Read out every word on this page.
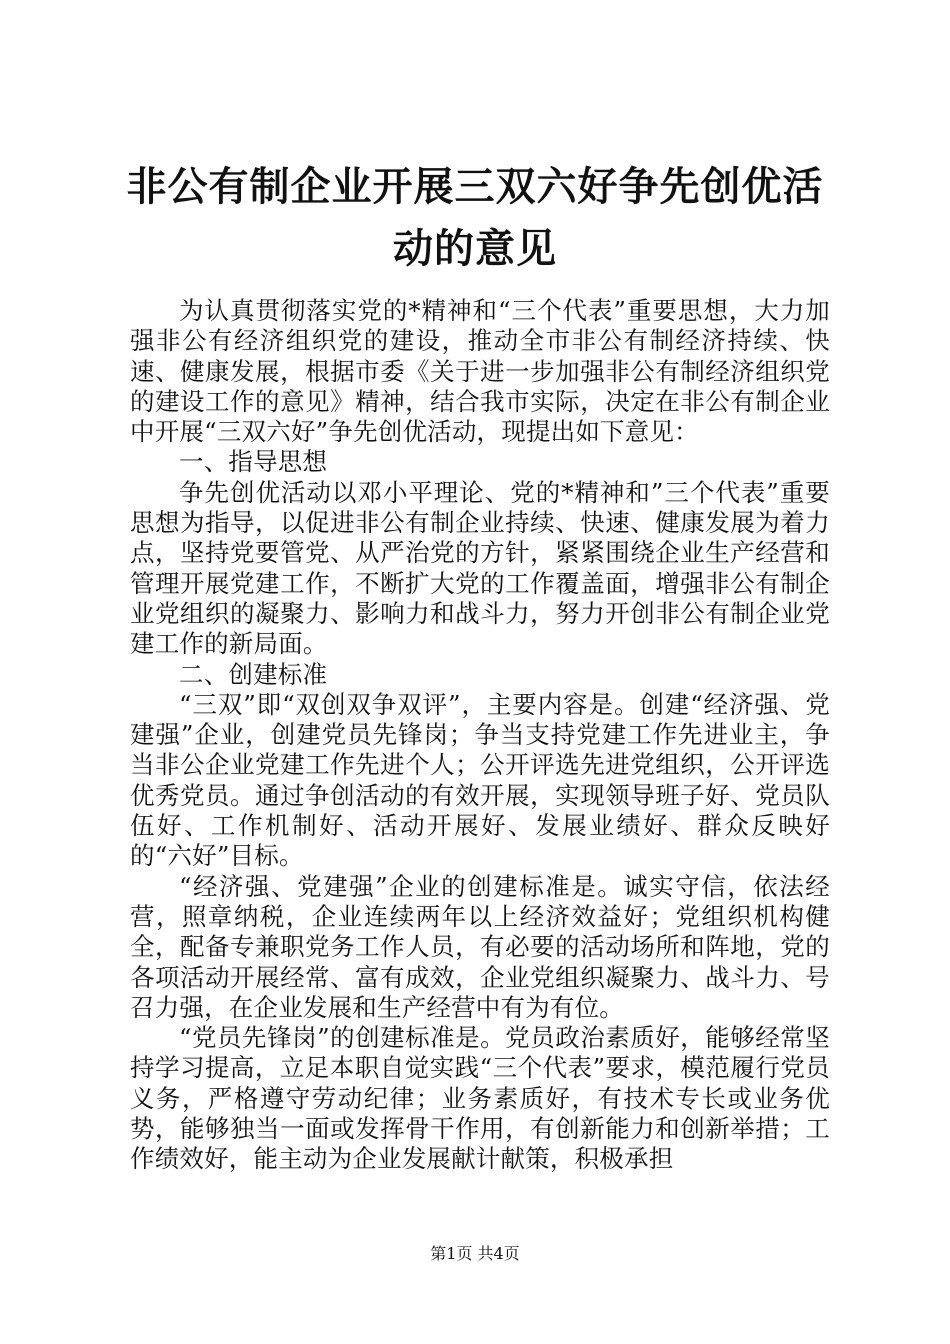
非公有制企业开展三双六好争先创优活动的意见

为认真贯彻落实党的*精神和“三个代表”重要思想，大力加强非公有经济组织党的建设，推动全市非公有制经济持续、快速、健康发展，根据市委《关于进一步加强非公有制经济组织党的建设工作的意见》精神，结合我市实际，决定在非公有制企业中开展“三双六好”争先创优活动，现提出如下意见：

一、指导思想

争先创优活动以邓小平理论、党的*精神和”三个代表”重要思想为指导，以促进非公有制企业持续、快速、健康发展为着力点，坚持党要管党、从严治党的方针，紧紧围绕企业生产经营和管理开展党建工作，不断扩大党的工作覆盖面，增强非公有制企业党组织的凝聚力、影响力和战斗力，努力开创非公有制企业党建工作的新局面。

二、创建标准

“三双”即“双创双争双评”，主要内容是。创建“经济强、党建强”企业，创建党员先锋岗；争当支持党建工作先进业主，争当非公企业党建工作先进个人；公开评选先进党组织，公开评选优秀党员。通过争创活动的有效开展，实现领导班子好、党员队伍好、工作机制好、活动开展好、发展业绩好、群众反映好的“六好”目标。

“经济强、党建强”企业的创建标准是。诚实守信，依法经营，照章纳税，企业连续两年以上经济效益好；党组织机构健全，配备专兼职党务工作人员，有必要的活动场所和阵地，党的各项活动开展经常、富有成效，企业党组织凝聚力、战斗力、号召力强，在企业发展和生产经营中有为有位。

“党员先锋岗”的创建标准是。党员政治素质好，能够经常坚持学习提高，立足本职自觉实践“三个代表”要求，模范履行党员义务，严格遵守劳动纪律；业务素质好，有技术专长或业务优势，能够独当一面或发挥骨干作用，有创新能力和创新举措；工作绩效好，能主动为企业发展献计献策，积极承担

第1页 共4页
